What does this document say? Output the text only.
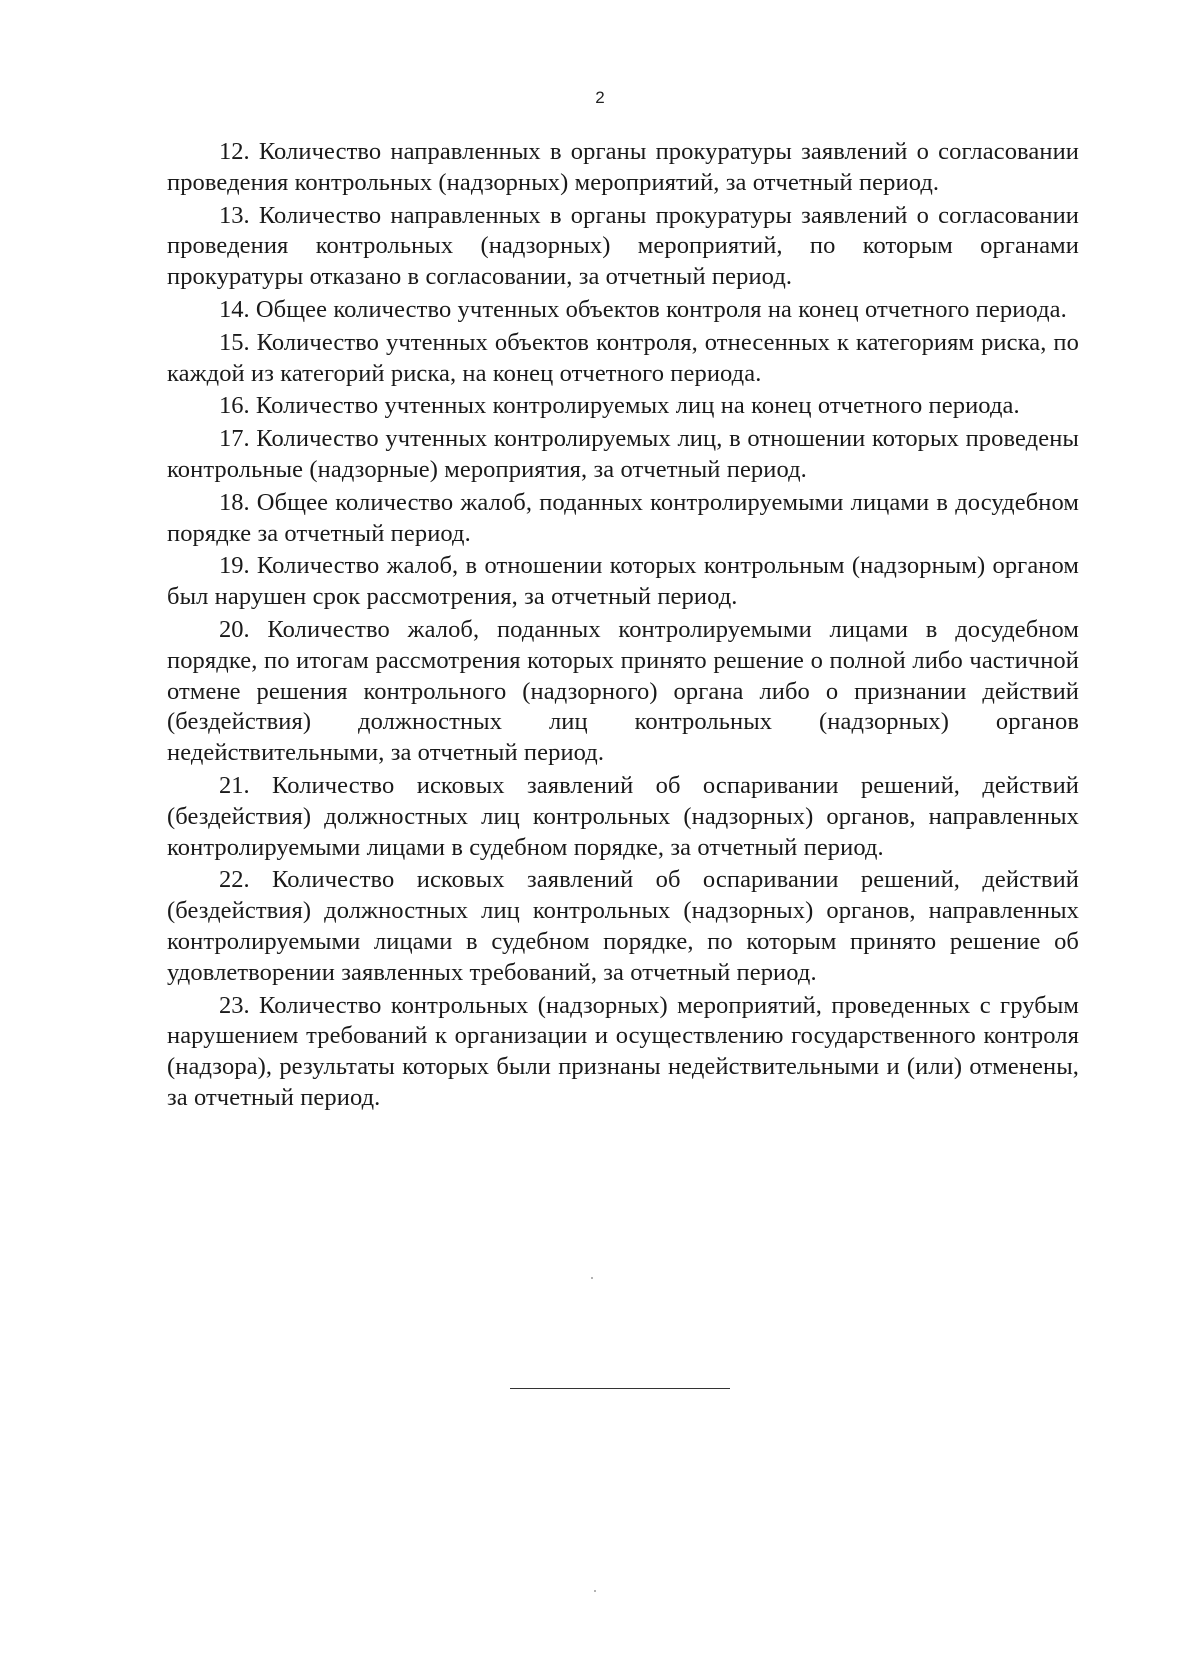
2

12. Количество направленных в органы прокуратуры заявлений о согласовании проведения контрольных (надзорных) мероприятий, за отчетный период.

13. Количество направленных в органы прокуратуры заявлений о согласовании проведения контрольных (надзорных) мероприятий, по которым органами прокуратуры отказано в согласовании, за отчетный период.

14. Общее количество учтенных объектов контроля на конец отчетного периода.

15. Количество учтенных объектов контроля, отнесенных к категориям риска, по каждой из категорий риска, на конец отчетного периода.

16. Количество учтенных контролируемых лиц на конец отчетного периода.

17. Количество учтенных контролируемых лиц, в отношении которых проведены контрольные (надзорные) мероприятия, за отчетный период.

18. Общее количество жалоб, поданных контролируемыми лицами в досудебном порядке за отчетный период.

19. Количество жалоб, в отношении которых контрольным (надзорным) органом был нарушен срок рассмотрения, за отчетный период.

20. Количество жалоб, поданных контролируемыми лицами в досудебном порядке, по итогам рассмотрения которых принято решение о полной либо частичной отмене решения контрольного (надзорного) органа либо о признании действий (бездействия) должностных лиц контрольных (надзорных) органов недействительными, за отчетный период.

21. Количество исковых заявлений об оспаривании решений, действий (бездействия) должностных лиц контрольных (надзорных) органов, направленных контролируемыми лицами в судебном порядке, за отчетный период.

22. Количество исковых заявлений об оспаривании решений, действий (бездействия) должностных лиц контрольных (надзорных) органов, направленных контролируемыми лицами в судебном порядке, по которым принято решение об удовлетворении заявленных требований, за отчетный период.

23. Количество контрольных (надзорных) мероприятий, проведенных с грубым нарушением требований к организации и осуществлению государственного контроля (надзора), результаты которых были признаны недействительными и (или) отменены, за отчетный период.
